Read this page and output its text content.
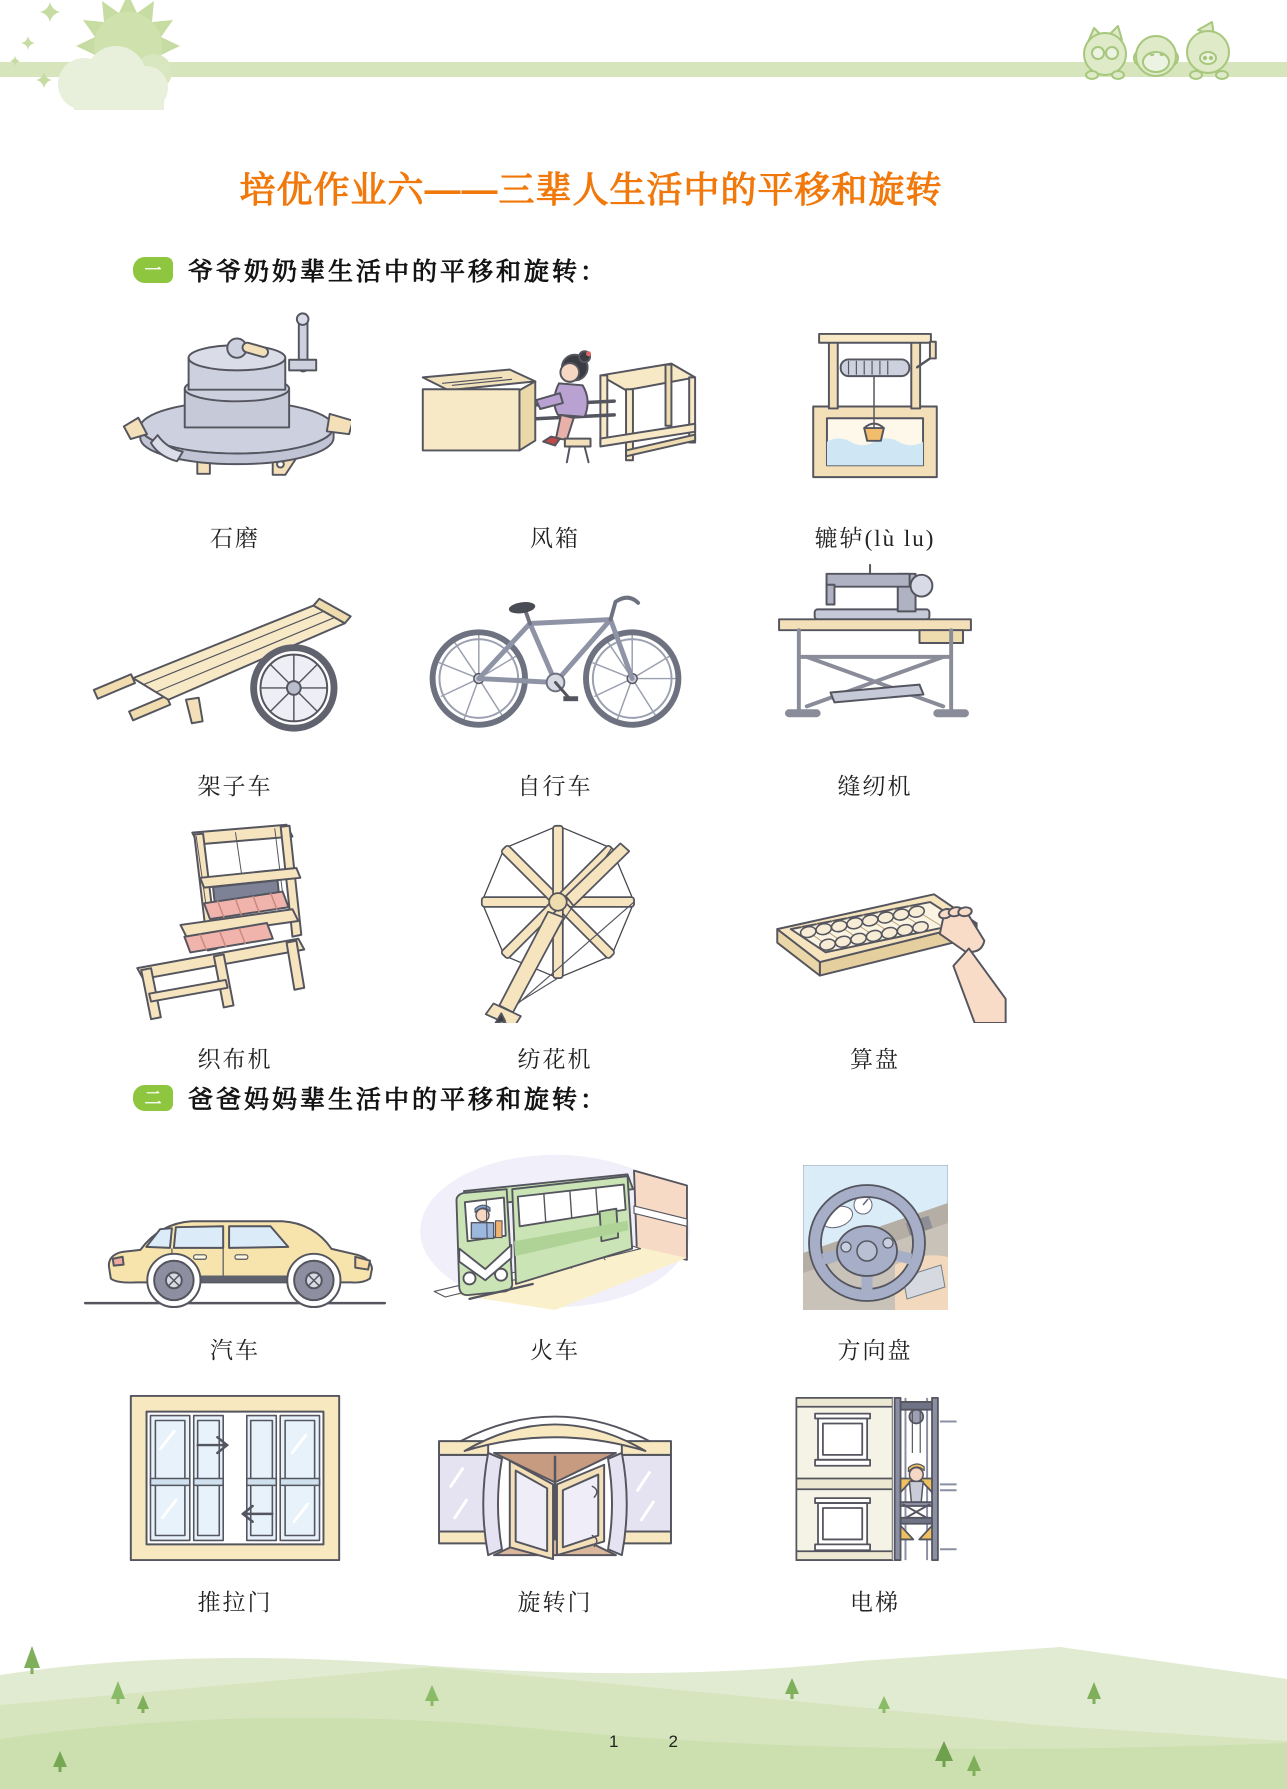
培优作业六——三辈人生活中的平移和旋转
一	爷爷奶奶辈生活中的平移和旋转：
石磨	风箱	辘轳(lù lu)
架子车	自行车	缝纫机
织布机	纺花机	算盘
二	爸爸妈妈辈生活中的平移和旋转：
汽车	火车	方向盘
推拉门	旋转门	电梯
1	2
